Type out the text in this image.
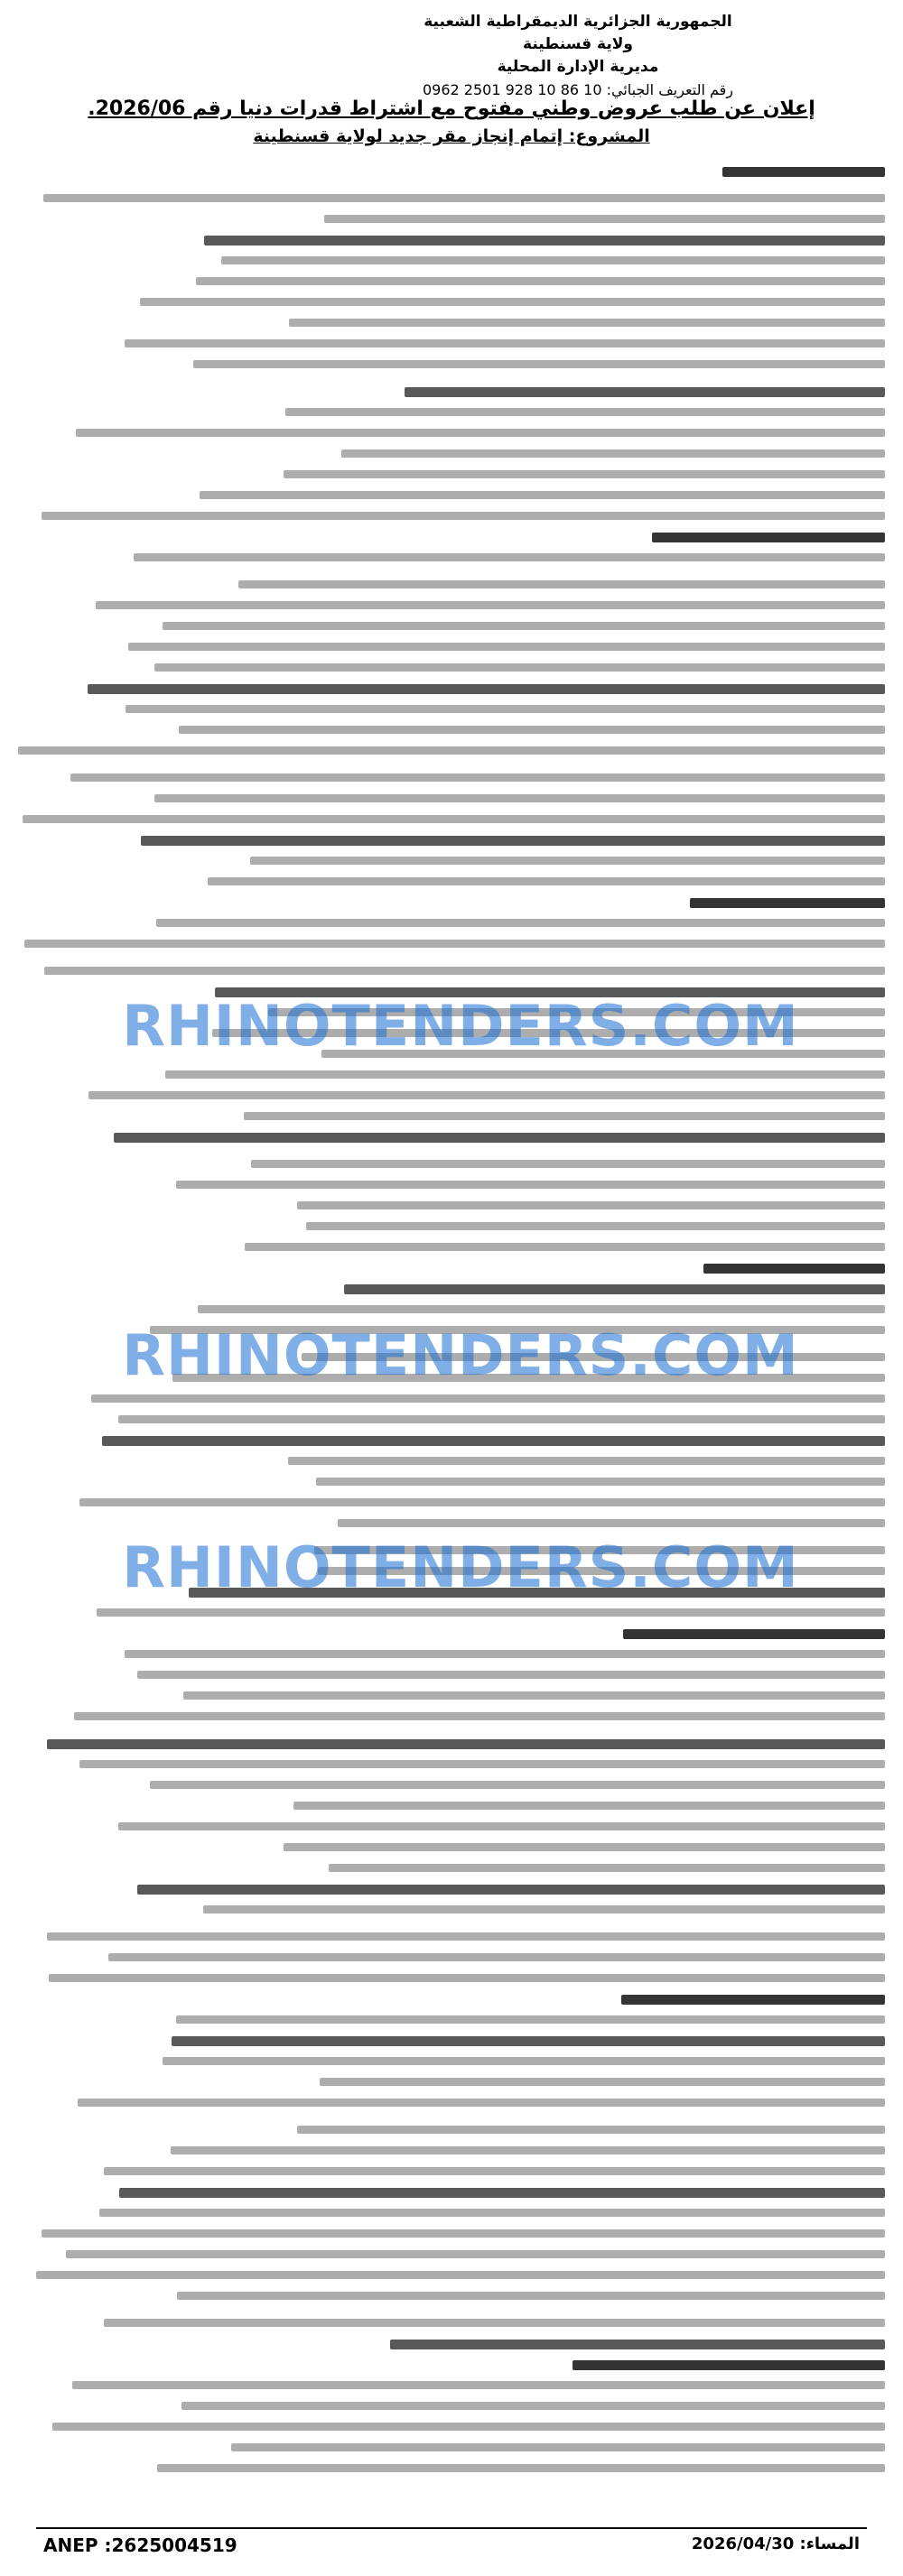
الجمهورية الجزائرية الديمقراطية الشعبية
ولاية قسنطينة
مديرية الإدارة المحلية
رقم التعريف الجبائي: 10 86 10 928 2501 0962
إعلان عن طلب عروض وطني مفتوح مع اشتراط قدرات دنيا رقم 2026/06.
المشروع: إتمام إنجاز مقر جديد لولاية قسنطينة
RHINOTENDERS.COM
RHINOTENDERS.COM
RHINOTENDERS.COM
ANEP :2625004519	المساء: 2026/04/30
